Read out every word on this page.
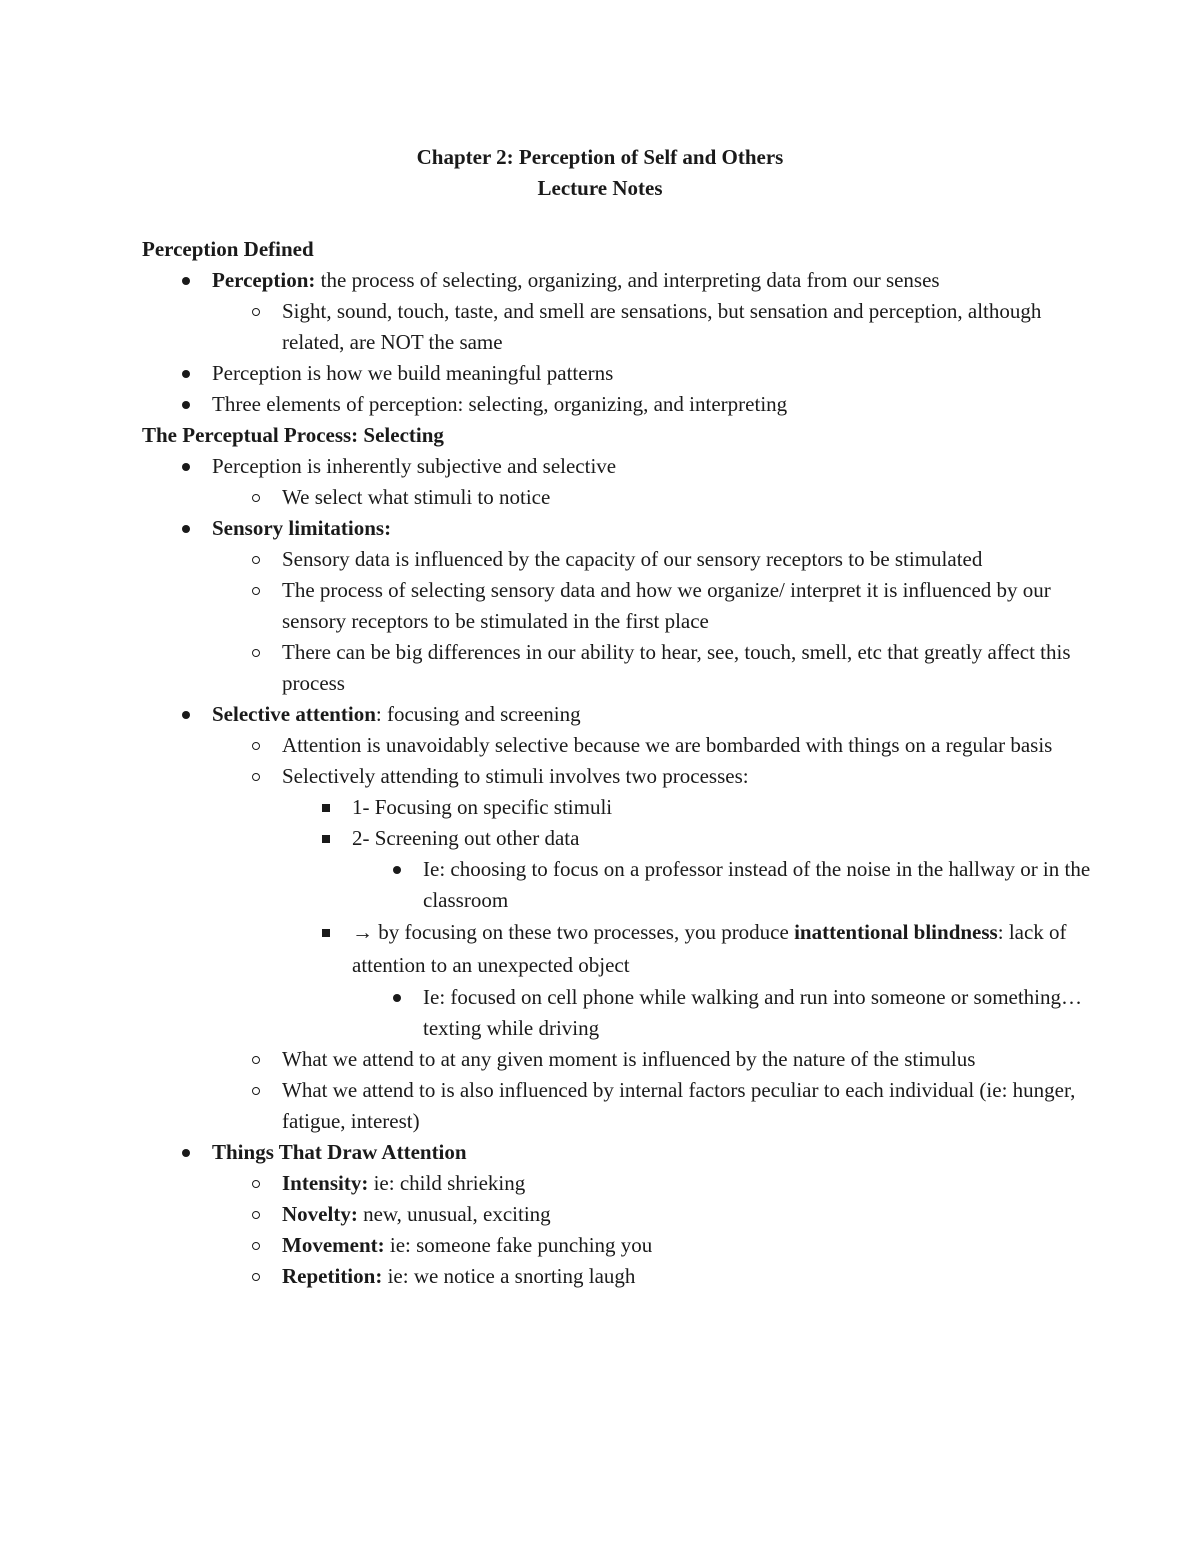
Chapter 2: Perception of Self and Others

Lecture Notes

Perception Defined

Perception: the process of selecting, organizing, and interpreting data from our senses
Sight, sound, touch, taste, and smell are sensations, but sensation and perception, although related, are NOT the same
Perception is how we build meaningful patterns
Three elements of perception: selecting, organizing, and interpreting

The Perceptual Process: Selecting

Perception is inherently subjective and selective
We select what stimuli to notice
Sensory limitations:
Sensory data is influenced by the capacity of our sensory receptors to be stimulated
The process of selecting sensory data and how we organize/ interpret it is influenced by our sensory receptors to be stimulated in the first place
There can be big differences in our ability to hear, see, touch, smell, etc that greatly affect this process
Selective attention: focusing and screening
Attention is unavoidably selective because we are bombarded with things on a regular basis
Selectively attending to stimuli involves two processes:
1- Focusing on specific stimuli
2- Screening out other data
Ie: choosing to focus on a professor instead of the noise in the hallway or in the classroom
→ by focusing on these two processes, you produce inattentional blindness: lack of attention to an unexpected object
Ie: focused on cell phone while walking and run into someone or something… texting while driving
What we attend to at any given moment is influenced by the nature of the stimulus
What we attend to is also influenced by internal factors peculiar to each individual (ie: hunger, fatigue, interest)
Things That Draw Attention
Intensity: ie: child shrieking
Novelty: new, unusual, exciting
Movement: ie: someone fake punching you
Repetition: ie: we notice a snorting laugh
